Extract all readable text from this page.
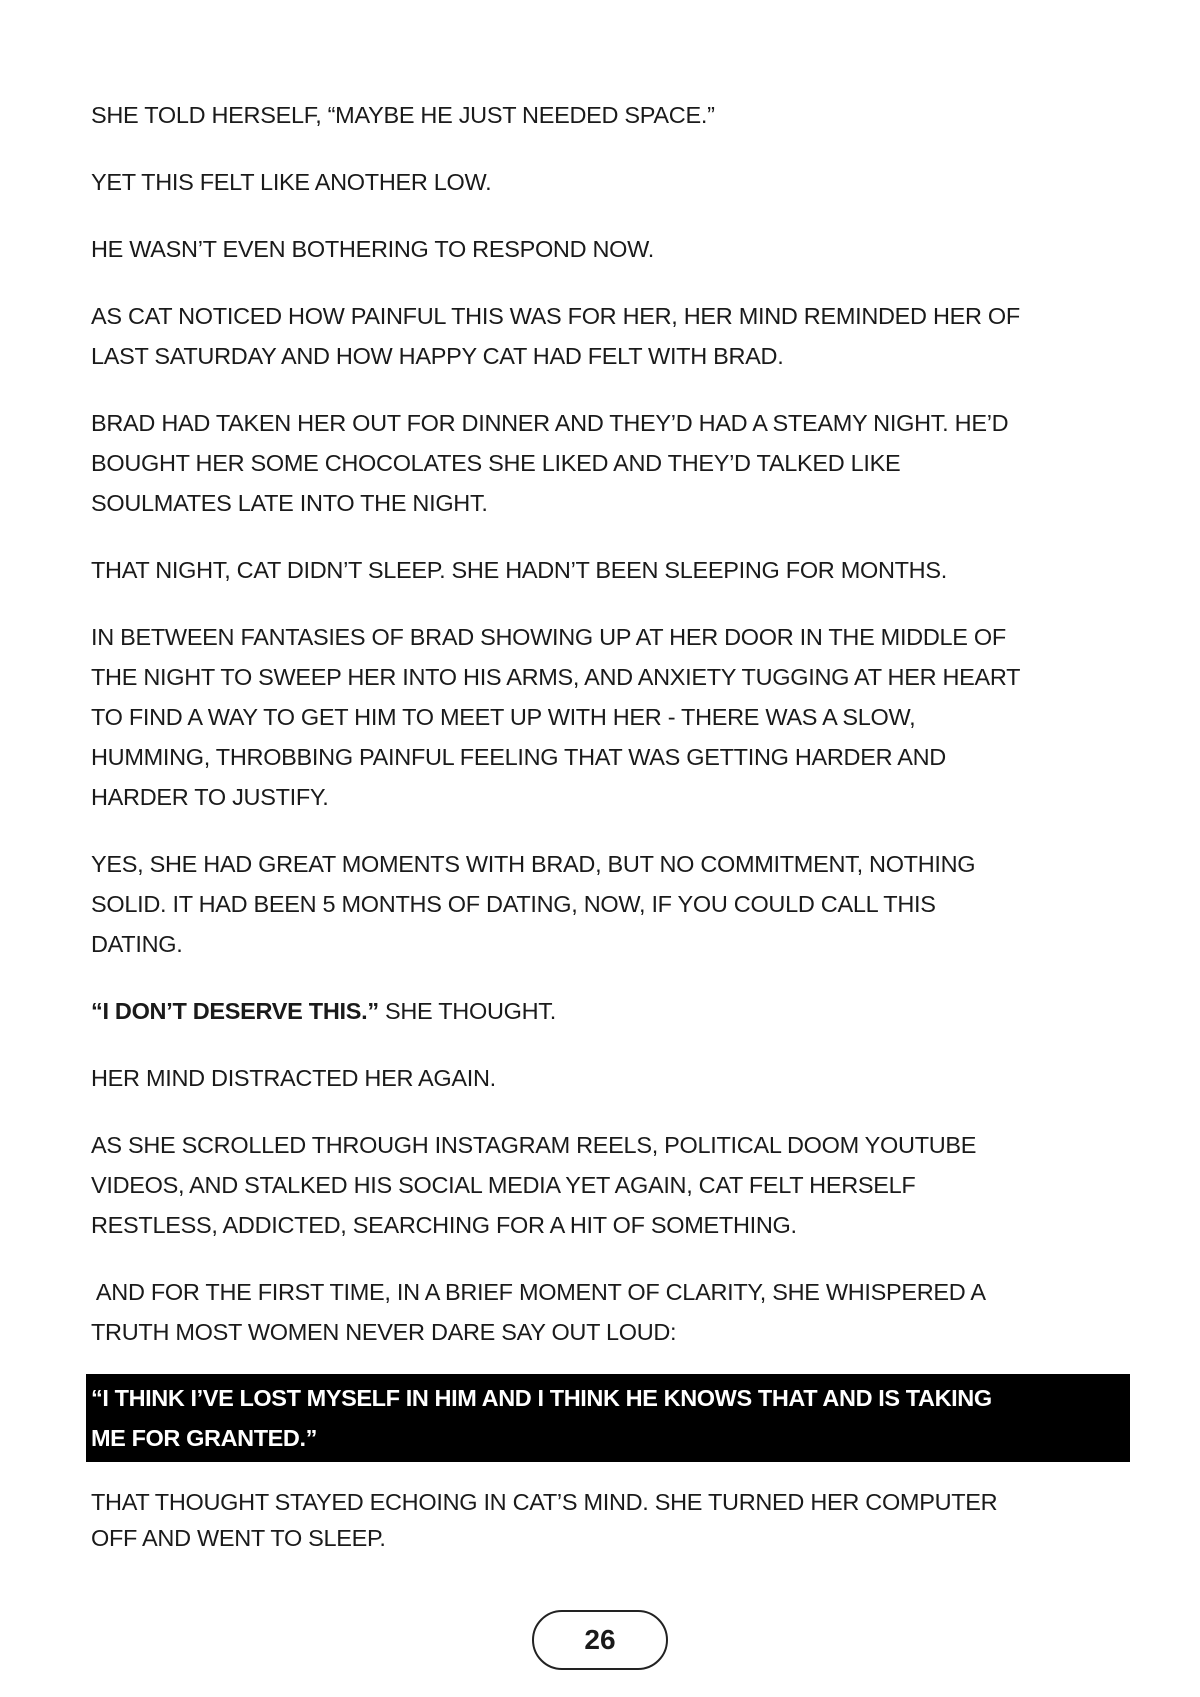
SHE TOLD HERSELF, “MAYBE HE JUST NEEDED SPACE.”

YET THIS FELT LIKE ANOTHER LOW.

HE WASN’T EVEN BOTHERING TO RESPOND NOW.

AS CAT NOTICED HOW PAINFUL THIS WAS FOR HER, HER MIND REMINDED HER OF
LAST SATURDAY AND HOW HAPPY CAT HAD FELT WITH BRAD.

BRAD HAD TAKEN HER OUT FOR DINNER AND THEY’D HAD A STEAMY NIGHT. HE’D
BOUGHT HER SOME CHOCOLATES SHE LIKED AND THEY’D TALKED LIKE
SOULMATES LATE INTO THE NIGHT.

THAT NIGHT, CAT DIDN’T SLEEP. SHE HADN’T BEEN SLEEPING FOR MONTHS.

IN BETWEEN FANTASIES OF BRAD SHOWING UP AT HER DOOR IN THE MIDDLE OF
THE NIGHT TO SWEEP HER INTO HIS ARMS, AND ANXIETY TUGGING AT HER HEART
TO FIND A WAY TO GET HIM TO MEET UP WITH HER - THERE WAS A SLOW,
HUMMING, THROBBING PAINFUL FEELING THAT WAS GETTING HARDER AND
HARDER TO JUSTIFY.

YES, SHE HAD GREAT MOMENTS WITH BRAD, BUT NO COMMITMENT, NOTHING
SOLID. IT HAD BEEN 5 MONTHS OF DATING, NOW, IF YOU COULD CALL THIS
DATING.

“I DON’T DESERVE THIS.” SHE THOUGHT.

HER MIND DISTRACTED HER AGAIN.

AS SHE SCROLLED THROUGH INSTAGRAM REELS, POLITICAL DOOM YOUTUBE
VIDEOS, AND STALKED HIS SOCIAL MEDIA YET AGAIN, CAT FELT HERSELF
RESTLESS, ADDICTED, SEARCHING FOR A HIT OF SOMETHING.

AND FOR THE FIRST TIME, IN A BRIEF MOMENT OF CLARITY, SHE WHISPERED A
TRUTH MOST WOMEN NEVER DARE SAY OUT LOUD:

“I THINK I’VE LOST MYSELF IN HIM AND I THINK HE KNOWS THAT AND IS TAKING
ME FOR GRANTED.”

THAT THOUGHT STAYED ECHOING IN CAT’S MIND. SHE TURNED HER COMPUTER
OFF AND WENT TO SLEEP.

26
